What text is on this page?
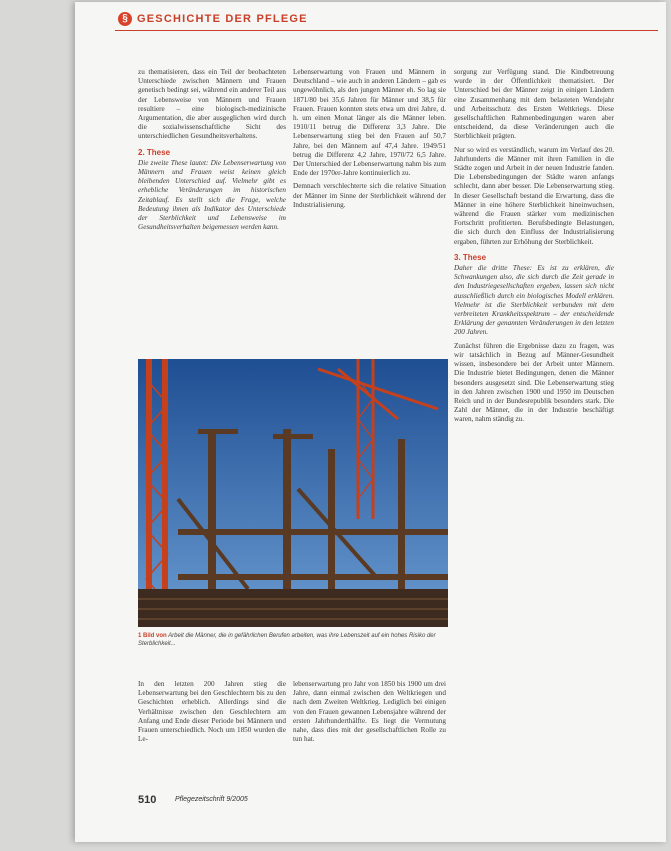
§ GESCHICHTE DER PFLEGE

zu thematisieren, dass ein Teil der beobachteten Unterschiede zwischen Männern und Frauen genetisch bedingt sei, während ein anderer Teil aus der Lebensweise von Männern und Frauen resultiere – eine biologisch-medizinische Argumentation, die aber ausgeglichen wird durch die sozialwissenschaftliche Sicht des unterschiedlichen Gesundheitsverhaltens.

2. These

Die zweite These lautet: Die Lebenserwartung von Männern und Frauen weist keinen gleich bleibenden Unterschied auf. Vielmehr gibt es erhebliche Veränderungen im historischen Zeitablauf. Es stellt sich die Frage, welche Bedeutung ihnen als Indikator des Unterschiede der Sterblichkeit und Lebensweise im Gesundheitsverhalten beigemessen werden kann.

Lebenserwartung von Frauen und Männern in Deutschland – wie auch in anderen Ländern – gab es ungewöhnlich, als den jungen Männer eh. So lag sie 1871/80 bei 35,6 Jahren für Männer und 38,5 für Frauen. Frauen konnten stets etwa um drei Jahre, d. h. um einen Monat länger als die Männer leben. 1910/11 betrug die Differenz 3,3 Jahre. Die Lebenserwartung stieg bei den Frauen auf 50,7 Jahre, bei den Männern auf 47,4 Jahre. 1949/51 betrug die Differenz 4,2 Jahre, 1970/72 6,5 Jahre. Der Unterschied der Lebenserwartung nahm bis zum Ende der 1970er-Jahre kontinuierlich zu.

Demnach verschlechterte sich die relative Situation der Männer im Sinne der Sterblichkeit während der Industrialisierung.

sorgung zur Verfügung stand. Die Kindbetreuung wurde in der Öffentlichkeit thematisiert. Der Unterschied bei der Männer zeigt in einigen Ländern eine Zusammenhang mit dem belasteten Wendejahr und Arbeitsschutz des Ersten Weltkriegs. Diese gesellschaftlichen Rahmenbedingungen waren aber entscheidend, da diese Veränderungen auch die Sterblichkeit prägten.

Nur so wird es verständlich, warum im Verlauf des 20. Jahrhunderts die Männer mit ihren Familien in die Städte zogen und Arbeit in der neuen Industrie fanden. Die Lebensbedingungen der Städte waren anfangs schlecht, dann aber besser. Die Lebenserwartung stieg. In dieser Gesellschaft bestand die Erwartung, dass die Männer in eine höhere Sterblichkeit hineinwuchsen, während die Frauen stärker vom medizinischen Fortschritt profitierten. Berufsbedingte Belastungen, die sich durch den Einfluss der Industrialisierung ergaben, führten zur Erhöhung der Sterblichkeit.

3. These

Daher die dritte These: Es ist zu erklären, die Schwankungen also, die sich durch die Zeit gerade in den Industriegesellschaften ergeben, lassen sich nicht ausschließlich durch ein biologisches Modell erklären. Vielmehr ist die Sterblichkeit verbunden mit dem verbreiteten Krankheitsspektrum – der entscheidende Erklärung der genannten Veränderungen in den letzten 200 Jahren.

Zunächst führen die Ergebnisse dazu zu fragen, was wir tatsächlich in Bezug auf Männer-Gesundheit wissen, insbesondere bei der Arbeit unter Männern. Die Industrie bietet Bedingungen, denen die Männer besonders ausgesetzt sind. Die Lebenserwartung stieg in den Jahren zwischen 1900 und 1950 im Deutschen Reich und in der Bundesrepublik besonders stark. Die Zahl der Männer, die in der Industrie beschäftigt waren, nahm ständig zu.

1 Bild von Arbeit die Männer, die in gefährlichen Berufen arbeiten, was ihre Lebenszeit auf ein hohes Risiko der Sterblichkeit...

In den letzten 200 Jahren stieg die Lebenserwartung bei den Geschlechtern bis zu den Geschichten erheblich. Allerdings sind die Verhältnisse zwischen den Geschlechtern am Anfang und Ende dieser Periode bei Männern und Frauen unterschiedlich. Noch um 1850 wurden die Le-

lebenserwartung pro Jahr von 1850 bis 1900 um drei Jahre, dann einmal zwischen den Weltkriegen und nach dem Zweiten Weltkrieg. Lediglich bei einigen von den Frauen gewannen Lebensjahre während der ersten Jahrhunderthälfte. Es liegt die Vermutung nahe, dass dies mit der gesellschaftlichen Rolle zu tun hat.

510	Pflegezeitschrift 9/2005
